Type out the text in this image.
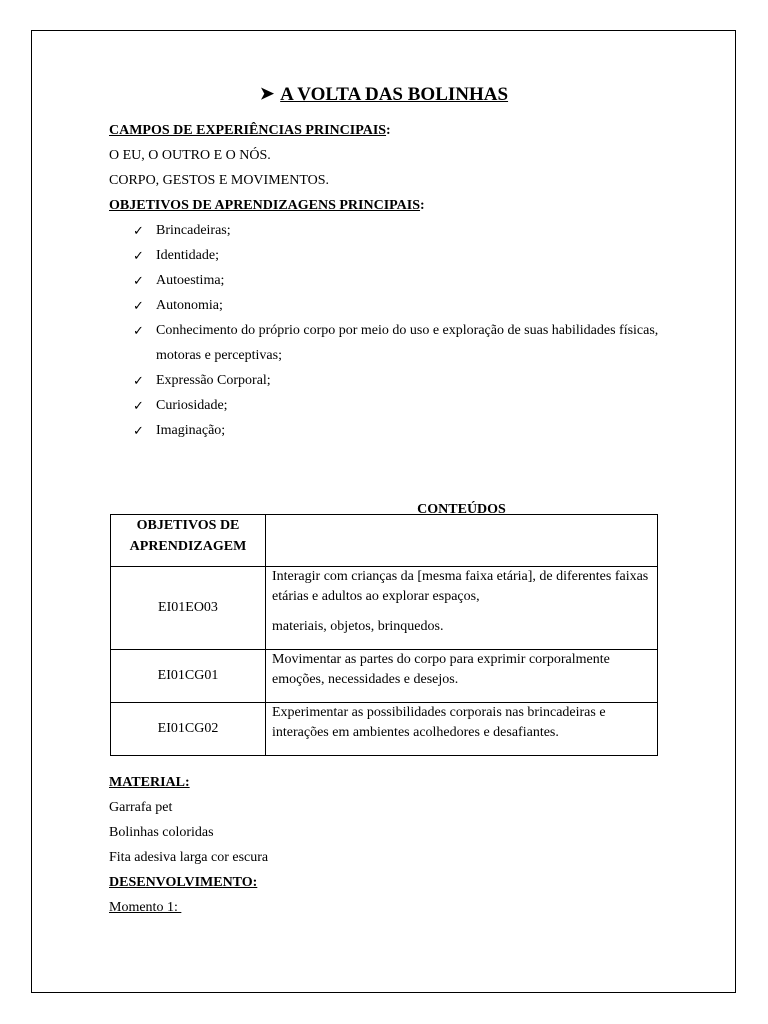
➤ A VOLTA DAS BOLINHAS

CAMPOS DE EXPERIÊNCIAS PRINCIPAIS:

O EU, O OUTRO E O NÓS.

CORPO, GESTOS E MOVIMENTOS.

OBJETIVOS DE APRENDIZAGENS PRINCIPAIS:

✓ Brincadeiras;
✓ Identidade;
✓ Autoestima;
✓ Autonomia;
✓ Conhecimento do próprio corpo por meio do uso e exploração de suas habilidades físicas, motoras e perceptivas;
✓ Expressão Corporal;
✓ Curiosidade;
✓ Imaginação;
OBJETIVOS DE
APRENDIZAGEM	CONTEÚDOS

EI01EO03	Interagir com crianças da [mesma faixa etária], de diferentes faixas etárias e adultos ao explorar espaços,
materiais, objetos, brinquedos.

EI01CG01	Movimentar as partes do corpo para exprimir corporalmente emoções, necessidades e desejos.
EI01CG02	Experimentar as possibilidades corporais nas brincadeiras e interações em ambientes acolhedores e desafiantes.

MATERIAL:

Garrafa pet

Bolinhas coloridas

Fita adesiva larga cor escura

DESENVOLVIMENTO:

Momento 1:
